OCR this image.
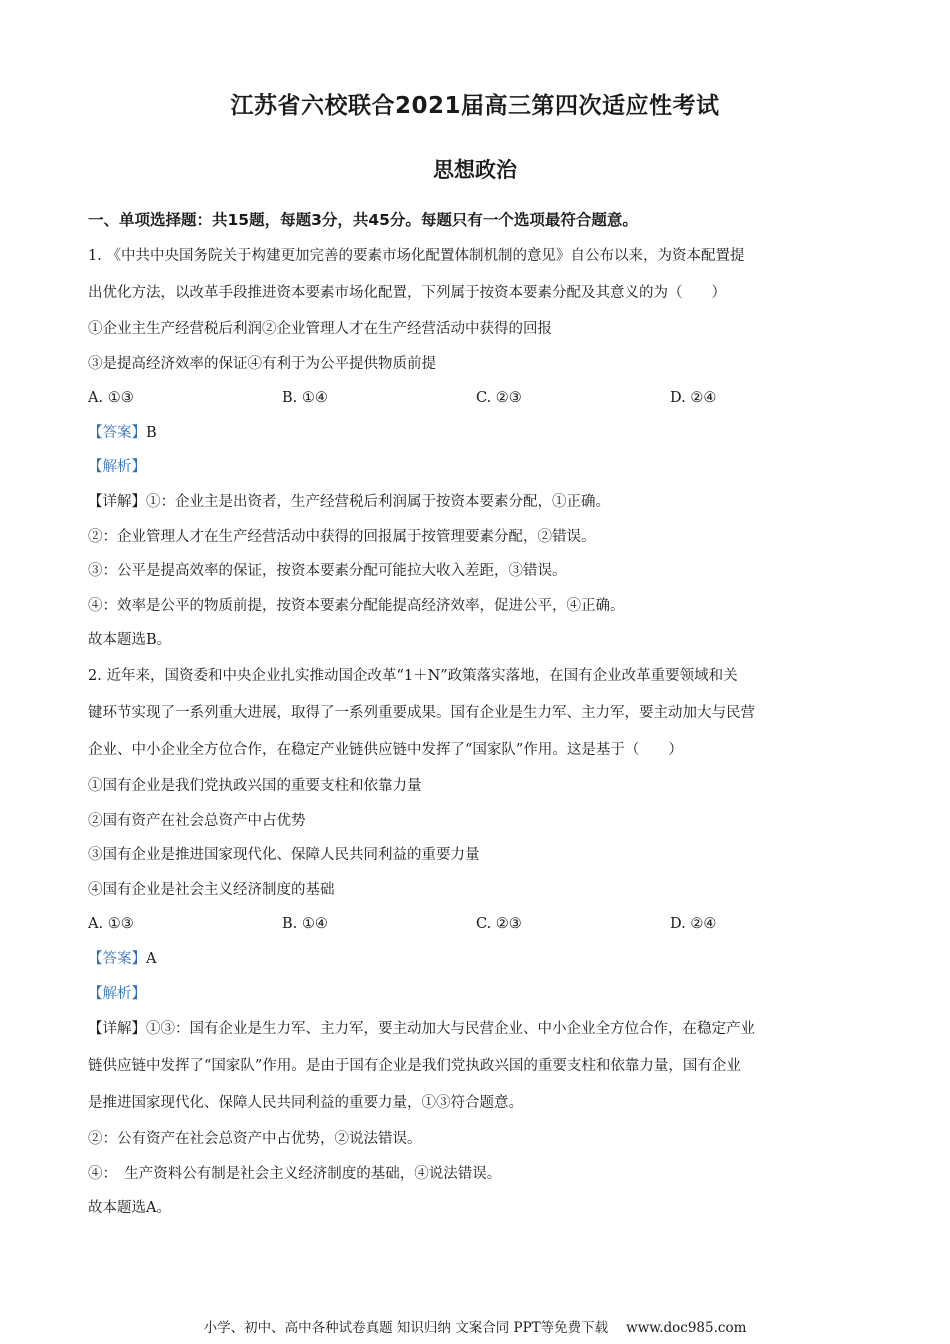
江苏省六校联合2021届高三第四次适应性考试
思想政治
一、单项选择题：共15题，每题3分，共45分。每题只有一个选项最符合题意。
1. 《中共中央国务院关于构建更加完善的要素市场化配置体制机制的意见》自公布以来，为资本配置提
出优化方法，以改革手段推进资本要素市场化配置，下列属于按资本要素分配及其意义的为（　　）
①企业主生产经营税后利润②企业管理人才在生产经营活动中获得的回报
③是提高经济效率的保证④有利于为公平提供物质前提
A. ①③	B. ①④	C. ②③	D. ②④
【答案】B
【解析】
【详解】①：企业主是出资者，生产经营税后利润属于按资本要素分配，①正确。
②：企业管理人才在生产经营活动中获得的回报属于按管理要素分配，②错误。
③：公平是提高效率的保证，按资本要素分配可能拉大收入差距，③错误。
④：效率是公平的物质前提，按资本要素分配能提高经济效率，促进公平，④正确。
故本题选B。
2. 近年来，国资委和中央企业扎实推动国企改革“1＋N”政策落实落地，在国有企业改革重要领域和关
键环节实现了一系列重大进展，取得了一系列重要成果。国有企业是生力军、主力军，要主动加大与民营
企业、中小企业全方位合作，在稳定产业链供应链中发挥了“国家队”作用。这是基于（　　）
①国有企业是我们党执政兴国的重要支柱和依靠力量
②国有资产在社会总资产中占优势
③国有企业是推进国家现代化、保障人民共同利益的重要力量
④国有企业是社会主义经济制度的基础
A. ①③	B. ①④	C. ②③	D. ②④
【答案】A
【解析】
【详解】①③：国有企业是生力军、主力军，要主动加大与民营企业、中小企业全方位合作，在稳定产业
链供应链中发挥了“国家队”作用。是由于国有企业是我们党执政兴国的重要支柱和依靠力量，国有企业
是推进国家现代化、保障人民共同利益的重要力量，①③符合题意。
②：公有资产在社会总资产中占优势，②说法错误。
④：　生产资料公有制是社会主义经济制度的基础，④说法错误。
故本题选A。
小学、初中、高中各种试卷真题 知识归纳 文案合同 PPT等免费下载 www.doc985.com
